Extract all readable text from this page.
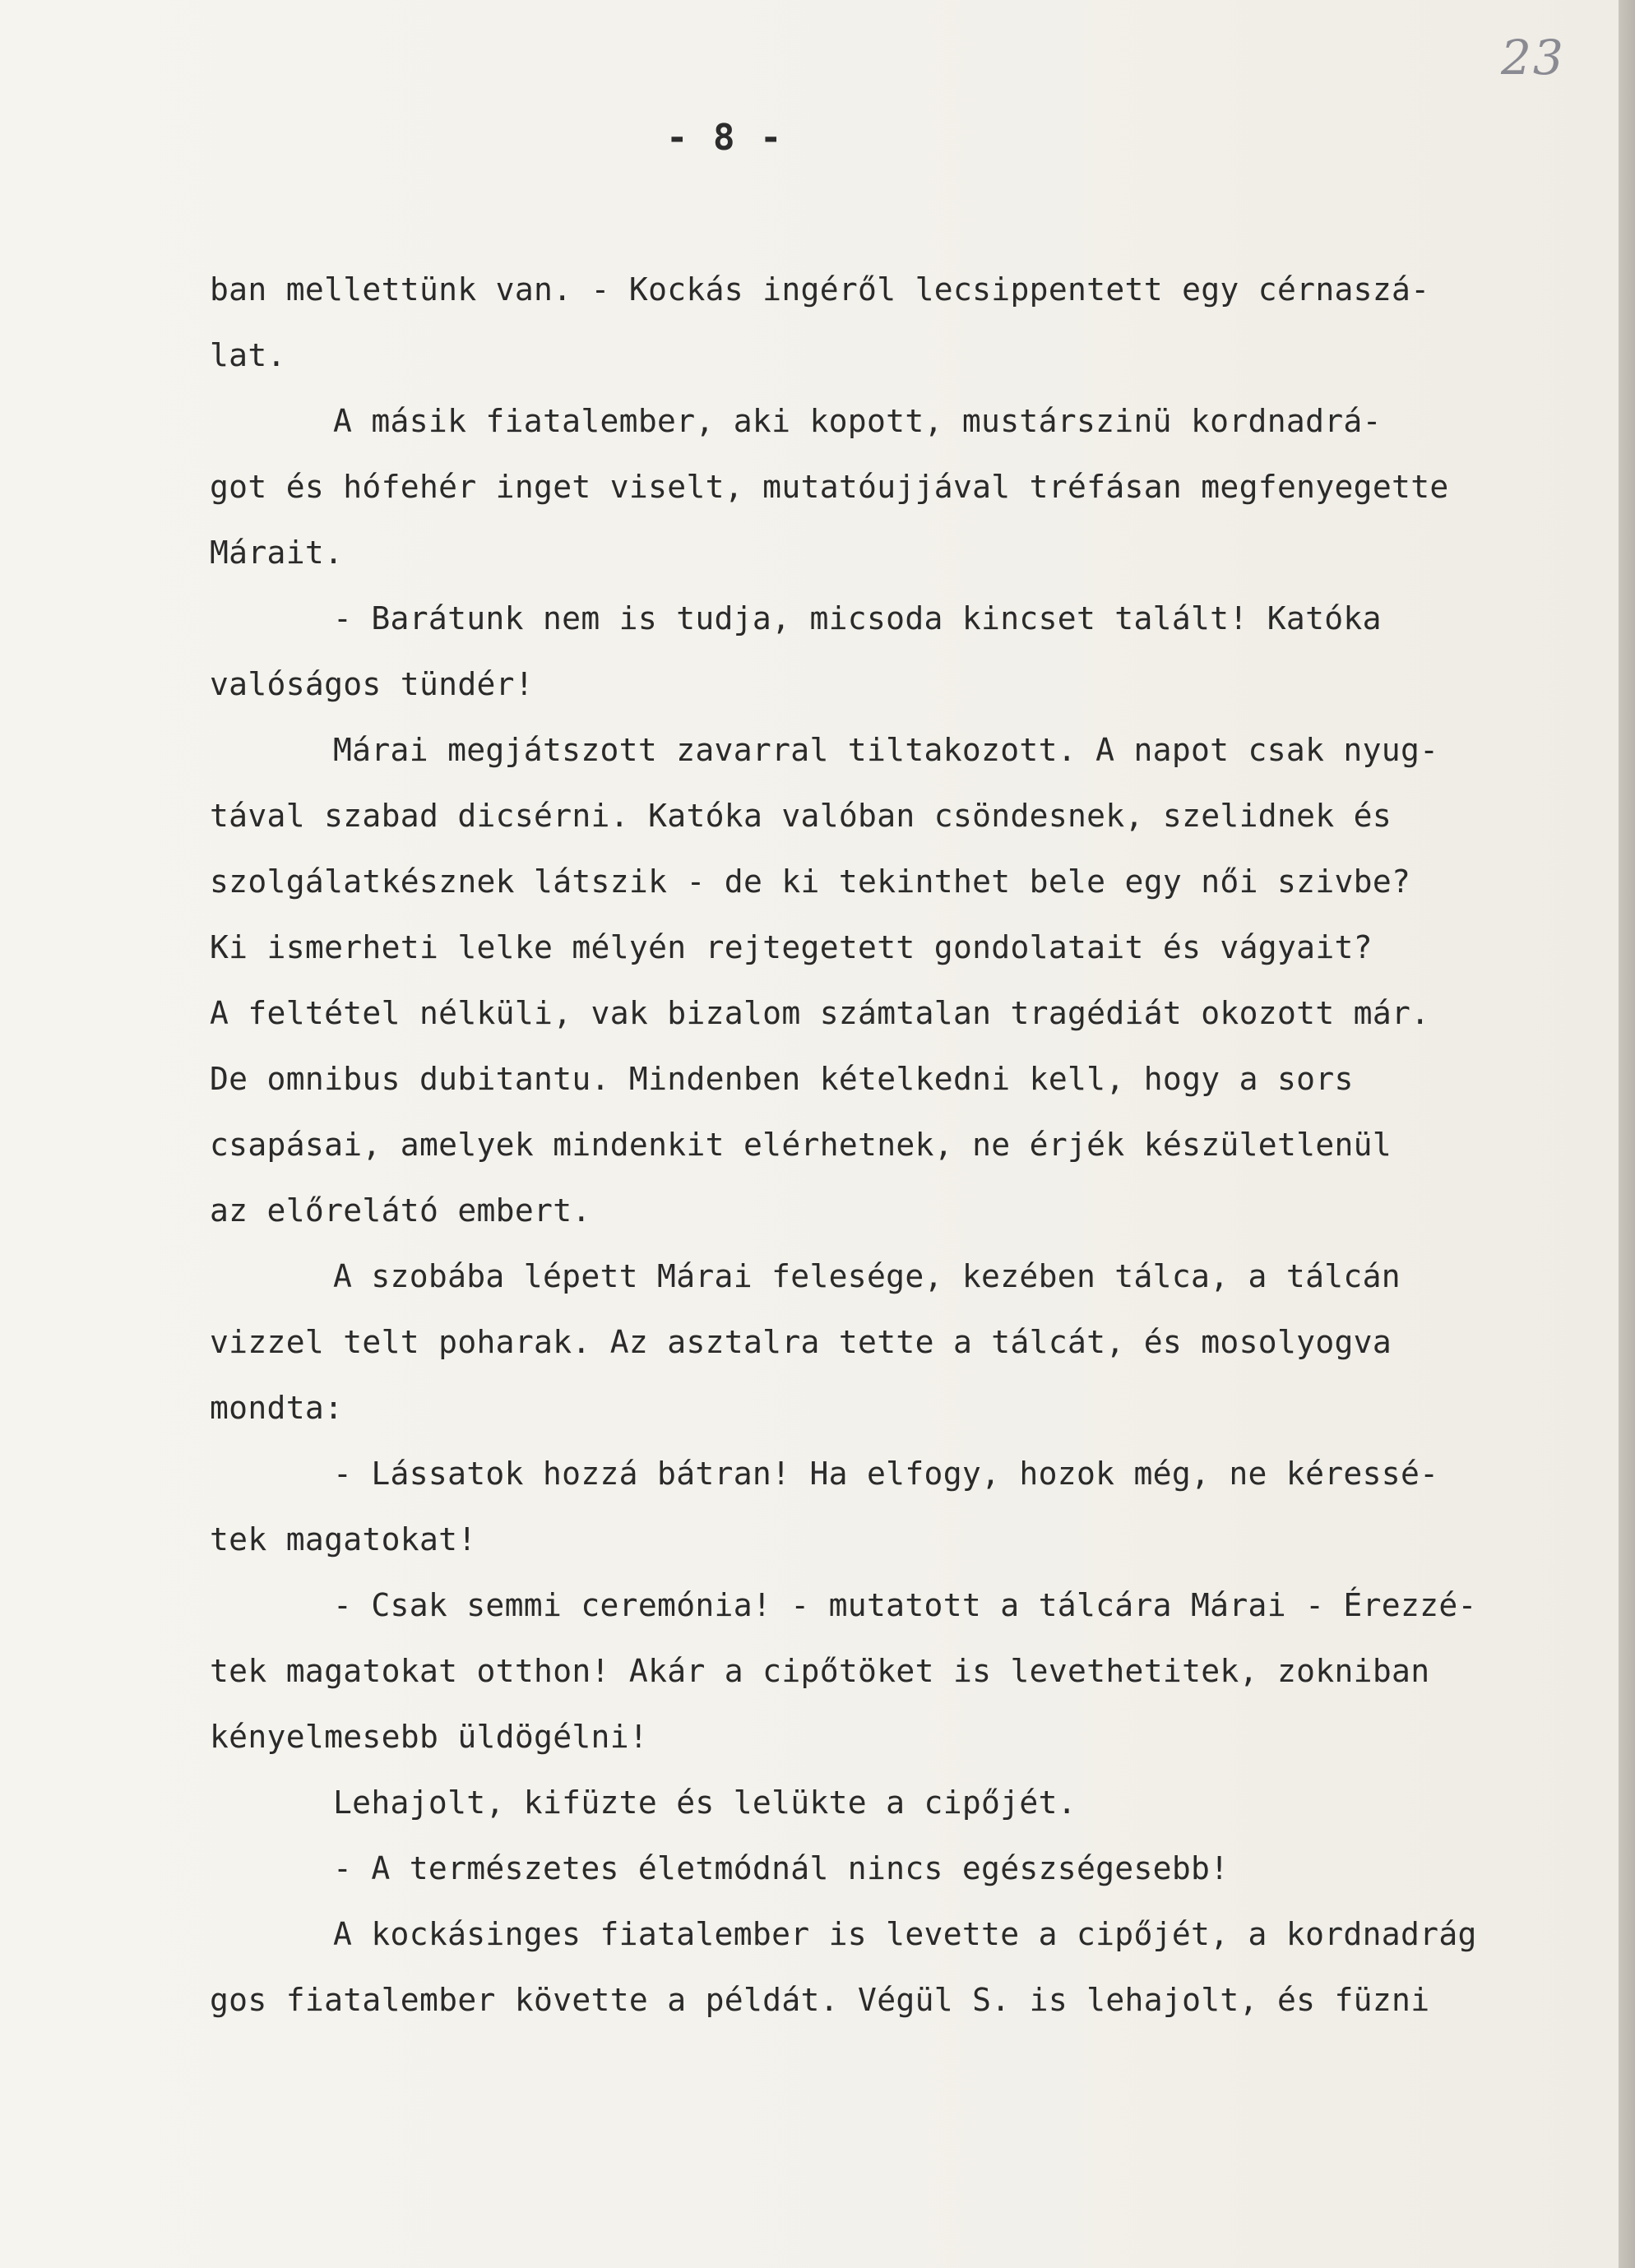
23
- 8 -
ban mellettünk van. - Kockás ingéről lecsippentett egy cérnaszá-
lat.
A másik fiatalember, aki kopott, mustárszinü kordnadrá-
got és hófehér inget viselt, mutatóujjával tréfásan megfenyegette
Márait.
- Barátunk nem is tudja, micsoda kincset talált! Katóka
valóságos tündér!
Márai megjátszott zavarral tiltakozott. A napot csak nyug-
tával szabad dicsérni. Katóka valóban csöndesnek, szelidnek és
szolgálatkésznek látszik - de ki tekinthet bele egy női szivbe?
Ki ismerheti lelke mélyén rejtegetett gondolatait és vágyait?
A feltétel nélküli, vak bizalom számtalan tragédiát okozott már.
De omnibus dubitantu. Mindenben kételkedni kell, hogy a sors
csapásai, amelyek mindenkit elérhetnek, ne érjék készületlenül
az előrelátó embert.
A szobába lépett Márai felesége, kezében tálca, a tálcán
vizzel telt poharak. Az asztalra tette a tálcát, és mosolyogva
mondta:
- Lássatok hozzá bátran! Ha elfogy, hozok még, ne kéressé-
tek magatokat!
- Csak semmi ceremónia! - mutatott a tálcára Márai - Érezzé-
tek magatokat otthon! Akár a cipőtöket is levethetitek, zokniban
kényelmesebb üldögélni!
Lehajolt, kifüzte és lelükte a cipőjét.
- A természetes életmódnál nincs egészségesebb!
A kockásinges fiatalember is levette a cipőjét, a kordnadrág
gos fiatalember követte a példát. Végül S. is lehajolt, és füzni
